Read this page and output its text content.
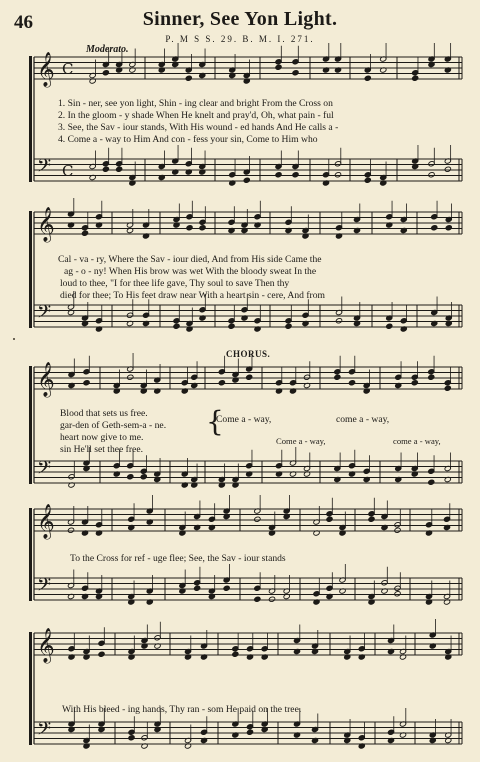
46	Sinner, See Yon Light.
P. M S S. 29. B. M. I. 271.
Moderato.
𝄞
𝄢
C
C
𝄞
𝄢
𝄞
𝄢
𝄞
𝄢
𝄞
𝄢
1. Sin - ner, see yon light, Shin - ing clear and bright From the Cross on
2. In the gloom - y shade When He knelt and pray'd, Oh, what pain - ful
3. See, the Sav - iour stands, With His wound - ed hands And He calls a -
4. Come a - way to Him And con - fess your sin, Come to Him who
Cal - va - ry, Where the Sav - iour died, And from His side Came the
ag - o - ny! When His brow was wet With the bloody sweat In the
loud to thee, "I for thee life gave, Thy soul to save Then thy
died for thee; To His feet draw near With a heart sin - cere, And from
CHORUS.
Blood that sets us free.
gar-den of Geth-sem-a - ne.
heart now give to me.
sin He'll set thee free.
{
Come a - way,	come a - way,
Come a - way,	come a - way,
To the Cross for ref - uge flee; See, the Sav - iour stands
With His bleed - ing hands, Thy ran - som He paid on the tree.
